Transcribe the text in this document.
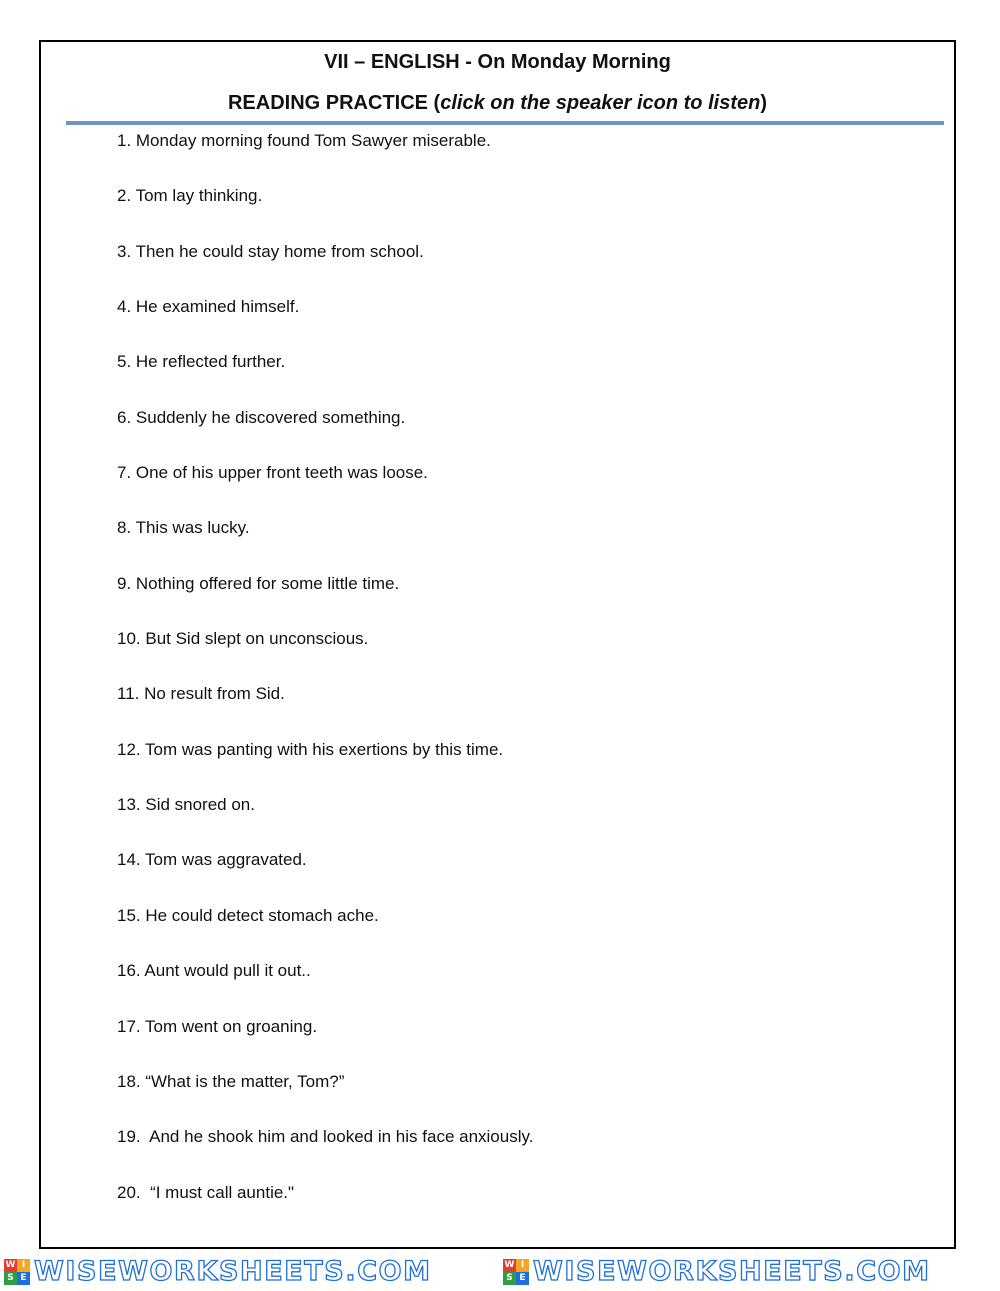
VII – ENGLISH - On Monday Morning
READING PRACTICE (click on the speaker icon to listen)
1. Monday morning found Tom Sawyer miserable.
2. Tom lay thinking.
3. Then he could stay home from school.
4. He examined himself.
5. He reflected further.
6. Suddenly he discovered something.
7. One of his upper front teeth was loose.
8. This was lucky.
9. Nothing offered for some little time.
10. But Sid slept on unconscious.
11. No result from Sid.
12. Tom was panting with his exertions by this time.
13. Sid snored on.
14. Tom was aggravated.
15. He could detect stomach ache.
16. Aunt would pull it out..
17. Tom went on groaning.
18. “What is the matter, Tom?”
19.  And he shook him and looked in his face anxiously.
20.  “I must call auntie."
W I
S E WISEWORKSHEETS.COM	W I
S E WISEWORKSHEETS.COM
